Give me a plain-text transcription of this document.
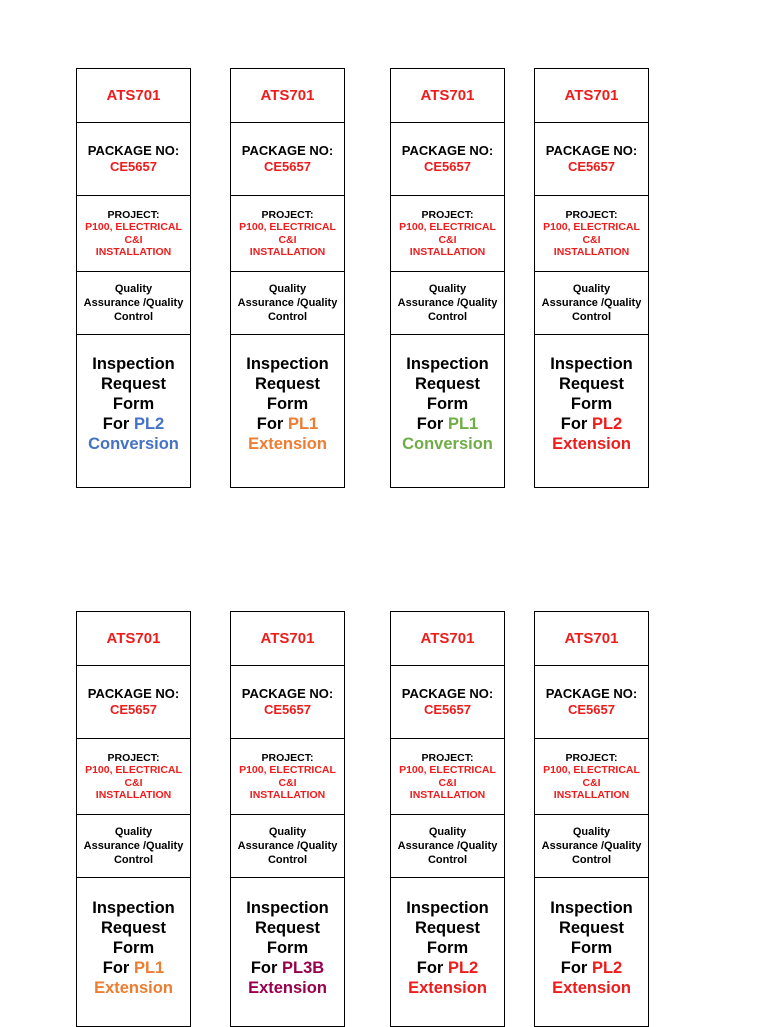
ATS701
PACKAGE NO:
CE5657
PROJECT:
P100, ELECTRICAL
C&I
INSTALLATION
Quality
Assurance /Quality
Control
Inspection
Request
Form
For PL2
Conversion
ATS701
PACKAGE NO:
CE5657
PROJECT:
P100, ELECTRICAL
C&I
INSTALLATION
Quality
Assurance /Quality
Control
Inspection
Request
Form
For PL1
Extension
ATS701
PACKAGE NO:
CE5657
PROJECT:
P100, ELECTRICAL
C&I
INSTALLATION
Quality
Assurance /Quality
Control
Inspection
Request
Form
For PL1
Conversion
ATS701
PACKAGE NO:
CE5657
PROJECT:
P100, ELECTRICAL
C&I
INSTALLATION
Quality
Assurance /Quality
Control
Inspection
Request
Form
For PL2
Extension
ATS701
PACKAGE NO:
CE5657
PROJECT:
P100, ELECTRICAL
C&I
INSTALLATION
Quality
Assurance /Quality
Control
Inspection
Request
Form
For PL1
Extension
ATS701
PACKAGE NO:
CE5657
PROJECT:
P100, ELECTRICAL
C&I
INSTALLATION
Quality
Assurance /Quality
Control
Inspection
Request
Form
For PL3B
Extension
ATS701
PACKAGE NO:
CE5657
PROJECT:
P100, ELECTRICAL
C&I
INSTALLATION
Quality
Assurance /Quality
Control
Inspection
Request
Form
For PL2
Extension
ATS701
PACKAGE NO:
CE5657
PROJECT:
P100, ELECTRICAL
C&I
INSTALLATION
Quality
Assurance /Quality
Control
Inspection
Request
Form
For PL2
Extension
